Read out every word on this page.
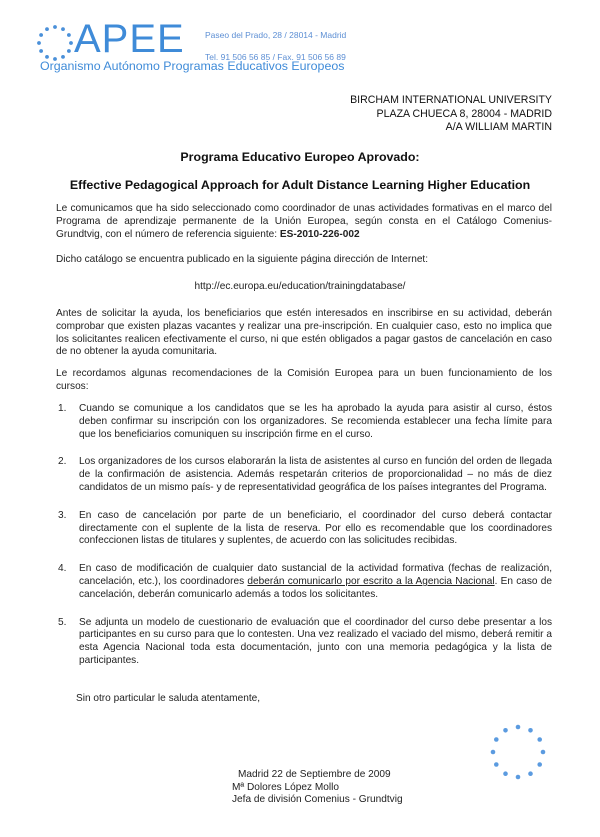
APEE Paseo del Prado, 28 / 28014 - Madrid
Tel. 91 506 56 85 / Fax. 91 506 56 89
Organismo Autónomo Programas Educativos Europeos
BIRCHAM INTERNATIONAL UNIVERSITY
PLAZA CHUECA 8, 28004 - MADRID
A/A WILLIAM MARTIN
Programa Educativo Europeo Aprovado:
Effective Pedagogical Approach for Adult Distance Learning Higher Education
Le comunicamos que ha sido seleccionado como coordinador de unas actividades formativas en el marco del Programa de aprendizaje permanente de la Unión Europea, según consta en el Catálogo Comenius-Grundtvig, con el número de referencia siguiente: ES-2010-226-002
Dicho catálogo se encuentra publicado en la siguiente página dirección de Internet:
http://ec.europa.eu/education/trainingdatabase/
Antes de solicitar la ayuda, los beneficiarios que estén interesados en inscribirse en su actividad, deberán comprobar que existen plazas vacantes y realizar una pre-inscripción. En cualquier caso, esto no implica que los solicitantes realicen efectivamente el curso, ni que estén obligados a pagar gastos de cancelación en caso de no obtener la ayuda comunitaria.
Le recordamos algunas recomendaciones de la Comisión Europea para un buen funcionamiento de los cursos:
1. Cuando se comunique a los candidatos que se les ha aprobado la ayuda para asistir al curso, éstos deben confirmar su inscripción con los organizadores. Se recomienda establecer una fecha límite para que los beneficiarios comuniquen su inscripción firme en el curso.
2. Los organizadores de los cursos elaborarán la lista de asistentes al curso en función del orden de llegada de la confirmación de asistencia. Además respetarán criterios de proporcionalidad – no más de diez candidatos de un mismo país- y de representatividad geográfica de los países integrantes del Programa.
3. En caso de cancelación por parte de un beneficiario, el coordinador del curso deberá contactar directamente con el suplente de la lista de reserva. Por ello es recomendable que los coordinadores confeccionen listas de titulares y suplentes, de acuerdo con las solicitudes recibidas.
4. En caso de modificación de cualquier dato sustancial de la actividad formativa (fechas de realización, cancelación, etc.), los coordinadores deberán comunicarlo por escrito a la Agencia Nacional. En caso de cancelación, deberán comunicarlo además a todos los solicitantes.
5. Se adjunta un modelo de cuestionario de evaluación que el coordinador del curso debe presentar a los participantes en su curso para que lo contesten. Una vez realizado el vaciado del mismo, deberá remitir a esta Agencia Nacional toda esta documentación, junto con una memoria pedagógica y la lista de participantes.
Sin otro particular le saluda atentamente,
Madrid 22 de Septiembre de 2009
Mª Dolores López Mollo
Jefa de división Comenius - Grundtvig
